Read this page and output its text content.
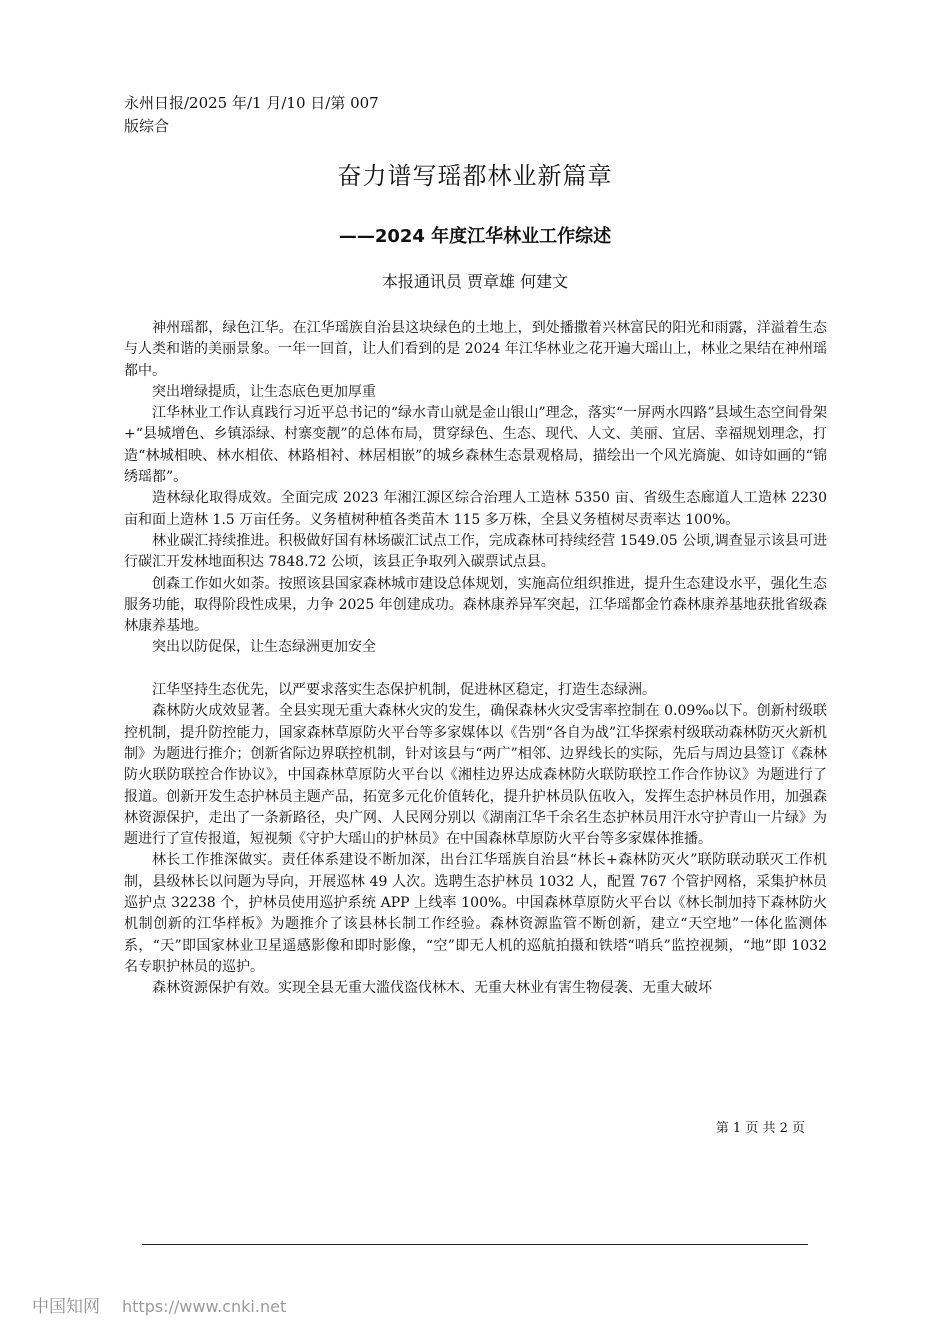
永州日报/2025 年/1 月/10 日/第 007
版综合
奋力谱写瑶都林业新篇章
——2024 年度江华林业工作综述
本报通讯员 贾章雄 何建文

神州瑶都，绿色江华。在江华瑶族自治县这块绿色的土地上，到处播撒着兴林富民的阳光和雨露，洋溢着生态与人类和谐的美丽景象。一年一回首，让人们看到的是 2024 年江华林业之花开遍大瑶山上，林业之果结在神州瑶都中。

突出增绿提质，让生态底色更加厚重

江华林业工作认真践行习近平总书记的“绿水青山就是金山银山”理念，落实“一屏两水四路”县域生态空间骨架+“县城增色、乡镇添绿、村寨变靓”的总体布局，贯穿绿色、生态、现代、人文、美丽、宜居、幸福规划理念，打造“林城相映、林水相依、林路相衬、林居相嵌”的城乡森林生态景观格局，描绘出一个风光旖旎、如诗如画的“锦绣瑶都”。

造林绿化取得成效。全面完成 2023 年湘江源区综合治理人工造林 5350 亩、省级生态廊道人工造林 2230 亩和面上造林 1.5 万亩任务。义务植树种植各类苗木 115 多万株，全县义务植树尽责率达 100%。

林业碳汇持续推进。积极做好国有林场碳汇试点工作，完成森林可持续经营 1549.05 公顷,调查显示该县可进行碳汇开发林地面积达 7848.72 公顷，该县正争取列入碳票试点县。

创森工作如火如荼。按照该县国家森林城市建设总体规划，实施高位组织推进，提升生态建设水平，强化生态服务功能，取得阶段性成果，力争 2025 年创建成功。森林康养异军突起，江华瑶都金竹森林康养基地获批省级森林康养基地。

突出以防促保，让生态绿洲更加安全

江华坚持生态优先，以严要求落实生态保护机制，促进林区稳定，打造生态绿洲。

森林防火成效显著。全县实现无重大森林火灾的发生，确保森林火灾受害率控制在 0.09‰以下。创新村级联控机制，提升防控能力，国家森林草原防火平台等多家媒体以《告别“各自为战”江华探索村级联动森林防灭火新机制》为题进行推介；创新省际边界联控机制，针对该县与“两广”相邻、边界线长的实际，先后与周边县签订《森林防火联防联控合作协议》，中国森林草原防火平台以《湘桂边界达成森林防火联防联控工作合作协议》为题进行了报道。创新开发生态护林员主题产品，拓宽多元化价值转化，提升护林员队伍收入，发挥生态护林员作用，加强森林资源保护，走出了一条新路径，央广网、人民网分别以《湖南江华千余名生态护林员用汗水守护青山一片绿》为题进行了宣传报道，短视频《守护大瑶山的护林员》在中国森林草原防火平台等多家媒体推播。

林长工作推深做实。责任体系建设不断加深，出台江华瑶族自治县“林长+森林防灭火”联防联动联灭工作机制，县级林长以问题为导向，开展巡林 49 人次。选聘生态护林员 1032 人，配置 767 个管护网格，采集护林员巡护点 32238 个，护林员使用巡护系统 APP 上线率 100%。中国森林草原防火平台以《林长制加持下森林防火机制创新的江华样板》为题推介了该县林长制工作经验。森林资源监管不断创新，建立“天空地”一体化监测体系，“天”即国家林业卫星遥感影像和即时影像，“空”即无人机的巡航拍摄和铁塔“哨兵”监控视频，“地”即 1032 名专职护林员的巡护。

森林资源保护有效。实现全县无重大滥伐盗伐林木、无重大林业有害生物侵袭、无重大破坏

第 1 页 共 2 页
中国知网 https://www.cnki.net
